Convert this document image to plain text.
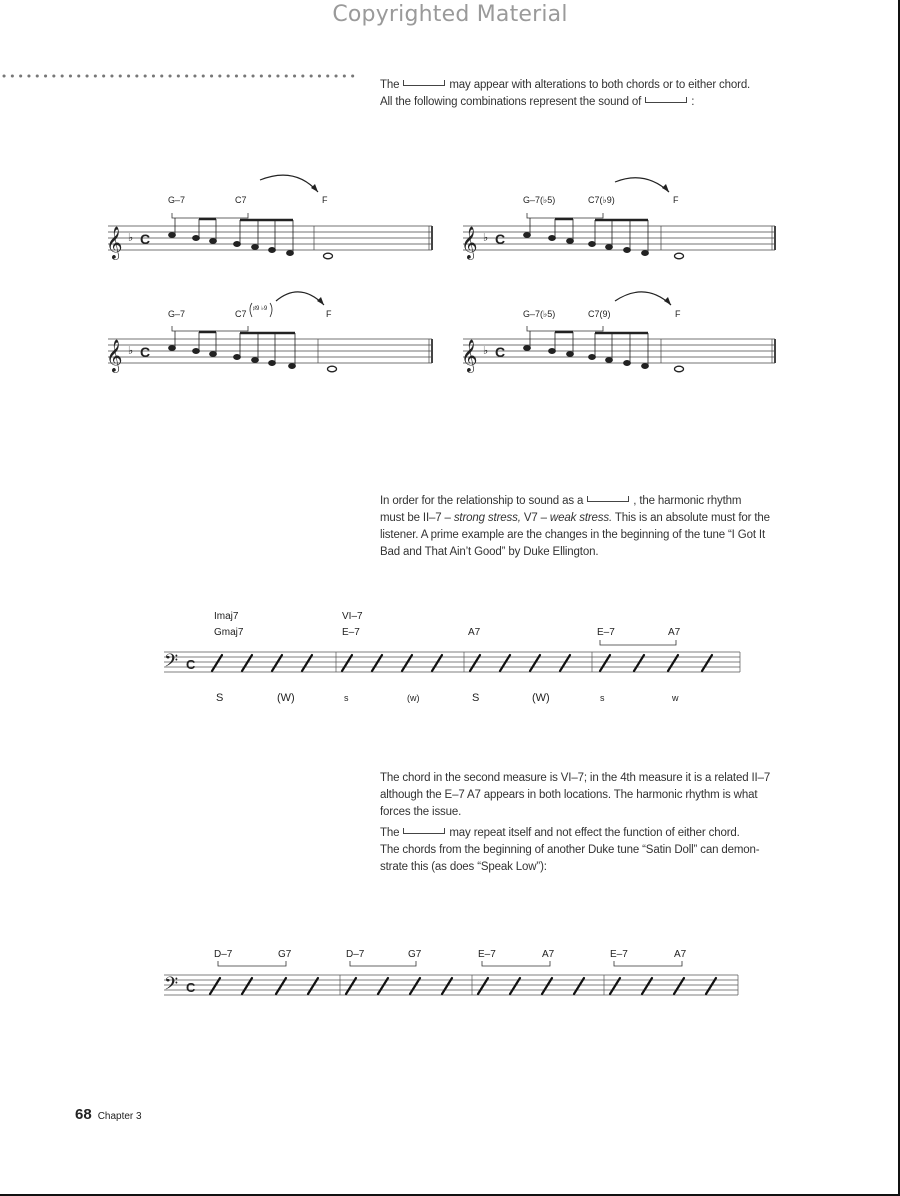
Copyrighted Material
The	may appear with alterations to both chords or to either chord.
All the following combinations represent the sound of	:
G–7	C7	F
𝄞 ♭ C
G–7(♭5)	C7(♭9)	F
𝄞 ♭ C
G–7	C7 ♯9 ♭9	F
𝄞 ♭ C
G–7(♭5)	C7(9)	F
𝄞 ♭ C
In order for the relationship to sound as a	, the harmonic rhythm
must be II–7 – strong stress, V7 – weak stress. This is an absolute must for the
listener. A prime example are the changes in the beginning of the tune “I Got It
Bad and That Ain’t Good” by Duke Ellington.
Imaj7
Gmaj7
VI–7
E–7	A7	E–7	A7
𝄢 C
S	(W)	s	(w)	S	(W)	s	w
The chord in the second measure is VI–7; in the 4th measure it is a related II–7
although the E–7 A7 appears in both locations. The harmonic rhythm is what
forces the issue.
The	may repeat itself and not effect the function of either chord.
The chords from the beginning of another Duke tune “Satin Doll” can demon-
strate this (as does “Speak Low”):
D–7	G7	D–7	G7	E–7	A7	E–7	A7
𝄢 C
68 Chapter 3
